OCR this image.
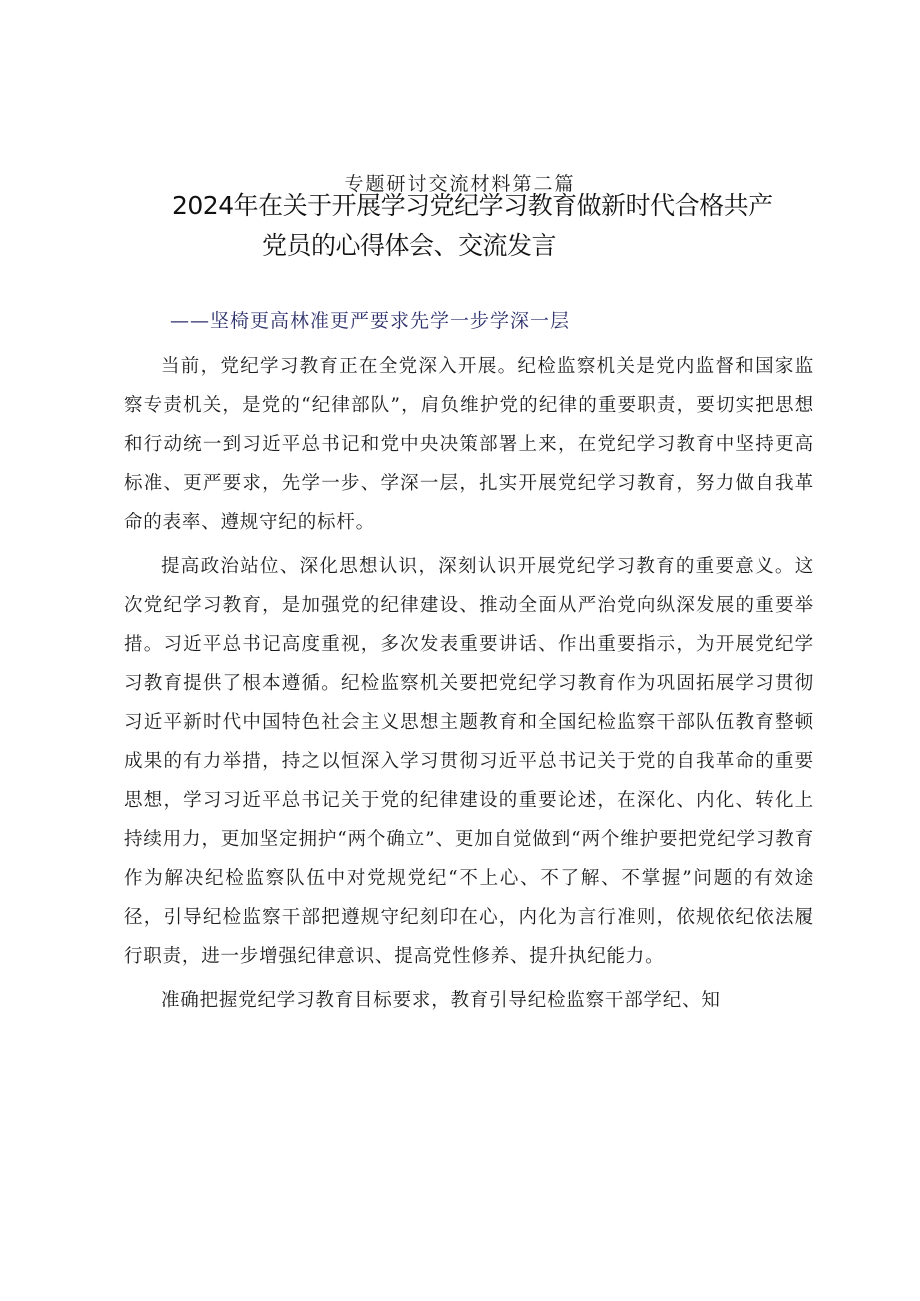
专题研讨交流材料第二篇
2024年在关于开展学习党纪学习教育做新时代合格共产
党员的心得体会、交流发言
——坚椅更高林准更严要求先学一步学深一层

当前，党纪学习教育正在全党深入开展。纪检监察机关是党内监督和国家监察专责机关，是党的“纪律部队”，肩负维护党的纪律的重要职责，要切实把思想和行动统一到习近平总书记和党中央决策部署上来，在党纪学习教育中坚持更高标准、更严要求，先学一步、学深一层，扎实开展党纪学习教育，努力做自我革命的表率、遵规守纪的标杆。

提高政治站位、深化思想认识，深刻认识开展党纪学习教育的重要意义。这次党纪学习教育，是加强党的纪律建设、推动全面从严治党向纵深发展的重要举措。习近平总书记高度重视，多次发表重要讲话、作出重要指示，为开展党纪学习教育提供了根本遵循。纪检监察机关要把党纪学习教育作为巩固拓展学习贯彻习近平新时代中国特色社会主义思想主题教育和全国纪检监察干部队伍教育整顿成果的有力举措，持之以恒深入学习贯彻习近平总书记关于党的自我革命的重要思想，学习习近平总书记关于党的纪律建设的重要论述，在深化、内化、转化上持续用力，更加坚定拥护“两个确立”、更加自觉做到“两个维护要把党纪学习教育作为解决纪检监察队伍中对党规党纪“不上心、不了解、不掌握”问题的有效途径，引导纪检监察干部把遵规守纪刻印在心，内化为言行准则，依规依纪依法履行职责，进一步增强纪律意识、提高党性修养、提升执纪能力。

准确把握党纪学习教育目标要求，教育引导纪检监察干部学纪、知
